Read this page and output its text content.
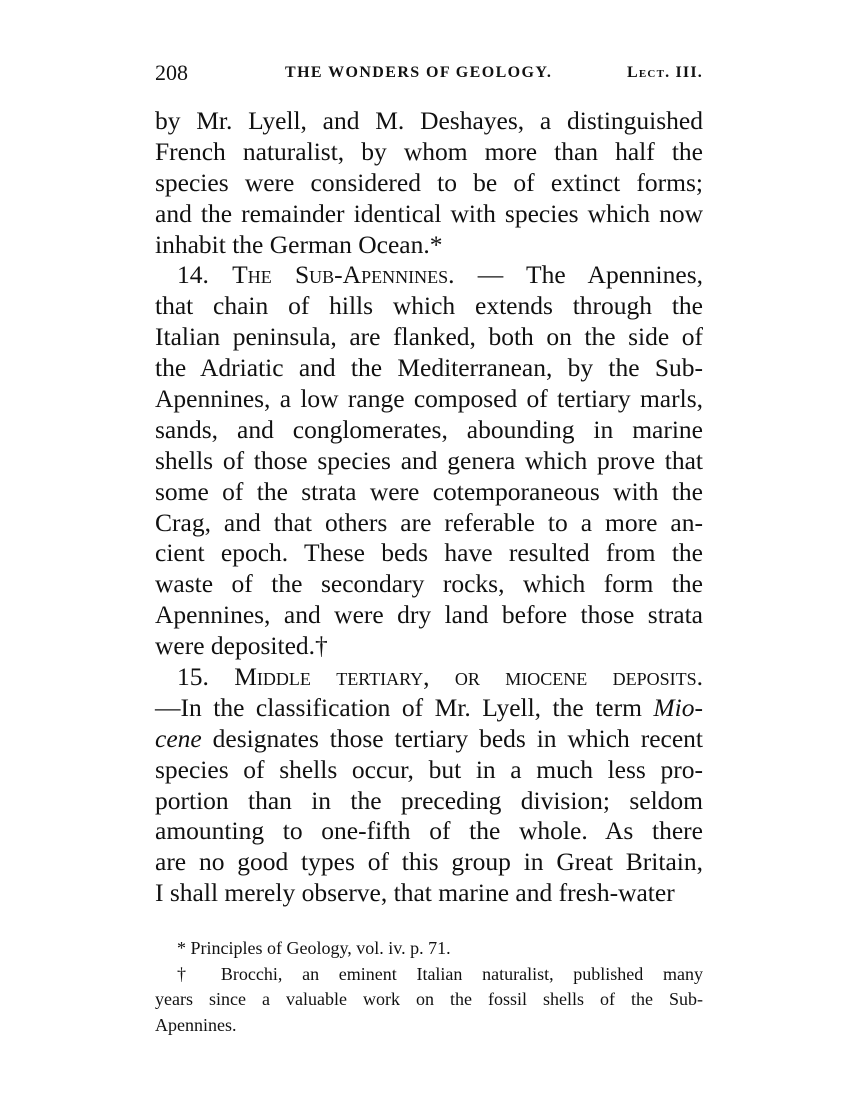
208	THE WONDERS OF GEOLOGY.	Lect. III.
by Mr. Lyell, and M. Deshayes, a distinguished
French naturalist, by whom more than half the
species were considered to be of extinct forms;
and the remainder identical with species which now
inhabit the German Ocean.*
14. The Sub-Apennines. — The Apennines,
that chain of hills which extends through the
Italian peninsula, are flanked, both on the side of
the Adriatic and the Mediterranean, by the Sub-
Apennines, a low range composed of tertiary marls,
sands, and conglomerates, abounding in marine
shells of those species and genera which prove that
some of the strata were cotemporaneous with the
Crag, and that others are referable to a more an-
cient epoch. These beds have resulted from the
waste of the secondary rocks, which form the
Apennines, and were dry land before those strata
were deposited.†
15. Middle tertiary, or miocene deposits.
—In the classification of Mr. Lyell, the term Mio-
cene designates those tertiary beds in which recent
species of shells occur, but in a much less pro-
portion than in the preceding division; seldom
amounting to one-fifth of the whole. As there
are no good types of this group in Great Britain,
I shall merely observe, that marine and fresh-water
* Principles of Geology, vol. iv. p. 71.
† Brocchi, an eminent Italian naturalist, published many
years since a valuable work on the fossil shells of the Sub-
Apennines.
